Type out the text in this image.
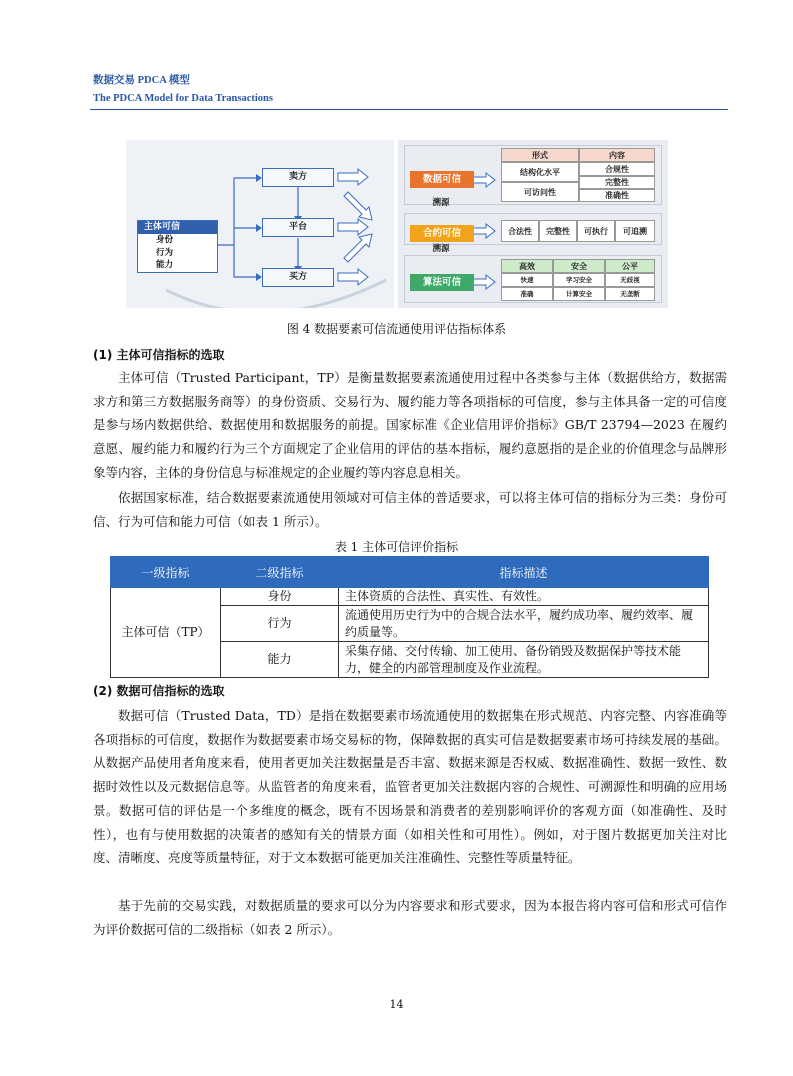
数据交易 PDCA 模型
The PDCA Model for Data Transactions
主体可信
身份
行为
能力
卖方
平台
买方
数据可信
溯源
合约可信
溯源
算法可信
形式	内容
结构化水平
可访问性
合规性
完整性
准确性
合法性	完整性	可执行	可追溯
高效	安全	公平
快速	学习安全	无歧视
准确	计算安全	无垄断
图 4 数据要素可信流通使用评估指标体系
(1) 主体可信指标的选取
主体可信（Trusted Participant，TP）是衡量数据要素流通使用过程中各类参与主体（数据供给方，数据需求方和第三方数据服务商等）的身份资质、交易行为、履约能力等各项指标的可信度，参与主体具备一定的可信度是参与场内数据供给、数据使用和数据服务的前提。国家标准《企业信用评价指标》GB/T 23794—2023 在履约意愿、履约能力和履约行为三个方面规定了企业信用的评估的基本指标，履约意愿指的是企业的价值理念与品牌形象等内容，主体的身份信息与标准规定的企业履约等内容息息相关。
依据国家标准，结合数据要素流通使用领域对可信主体的普适要求，可以将主体可信的指标分为三类：身份可信、行为可信和能力可信（如表 1 所示）。
表 1 主体可信评价指标
一级指标	二级指标	指标描述
主体可信（TP）	身份	主体资质的合法性、真实性、有效性。
	行为	流通使用历史行为中的合规合法水平，履约成功率、履约效率、履约质量等。
	能力	采集存储、交付传输、加工使用、备份销毁及数据保护等技术能力，健全的内部管理制度及作业流程。
(2) 数据可信指标的选取
数据可信（Trusted Data，TD）是指在数据要素市场流通使用的数据集在形式规范、内容完整、内容准确等各项指标的可信度，数据作为数据要素市场交易标的物，保障数据的真实可信是数据要素市场可持续发展的基础。从数据产品使用者角度来看，使用者更加关注数据量是否丰富、数据来源是否权威、数据准确性、数据一致性、数据时效性以及元数据信息等。从监管者的角度来看，监管者更加关注数据内容的合规性、可溯源性和明确的应用场景。数据可信的评估是一个多维度的概念，既有不因场景和消费者的差别影响评价的客观方面（如准确性、及时性），也有与使用数据的决策者的感知有关的情景方面（如相关性和可用性）。例如，对于图片数据更加关注对比度、清晰度、亮度等质量特征，对于文本数据可能更加关注准确性、完整性等质量特征。
基于先前的交易实践，对数据质量的要求可以分为内容要求和形式要求，因为本报告将内容可信和形式可信作为评价数据可信的二级指标（如表 2 所示）。
14
